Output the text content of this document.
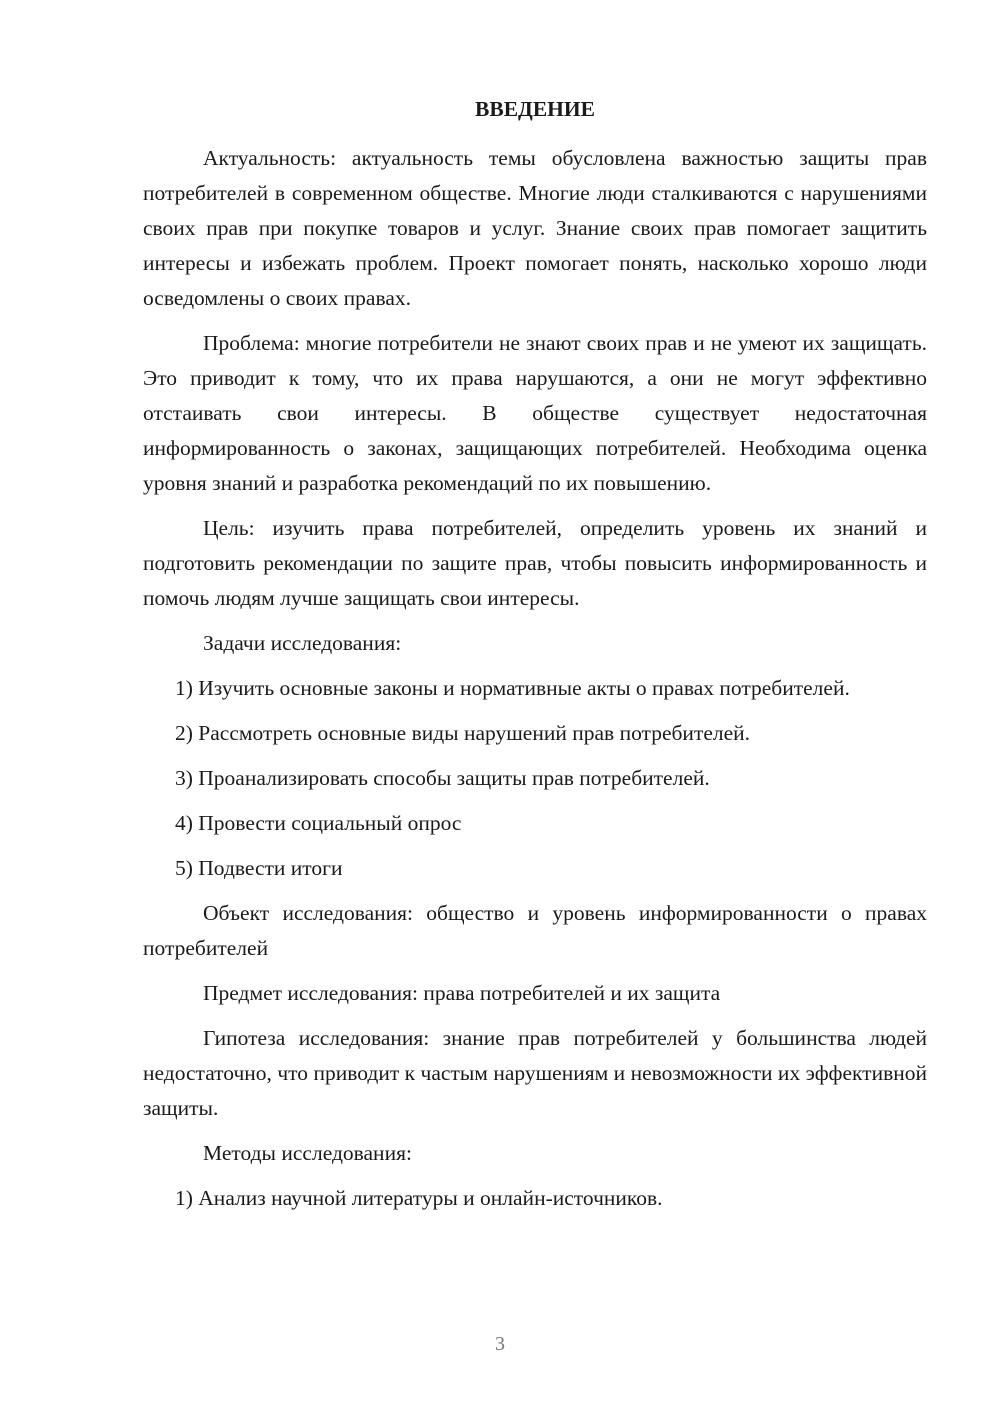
ВВЕДЕНИЕ

Актуальность: актуальность темы обусловлена важностью защиты прав потребителей в современном обществе. Многие люди сталкиваются с нарушениями своих прав при покупке товаров и услуг. Знание своих прав помогает защитить интересы и избежать проблем. Проект помогает понять, насколько хорошо люди осведомлены о своих правах.

Проблема: многие потребители не знают своих прав и не умеют их защищать. Это приводит к тому, что их права нарушаются, а они не могут эффективно отстаивать свои интересы. В обществе существует недостаточная информированность о законах, защищающих потребителей. Необходима оценка уровня знаний и разработка рекомендаций по их повышению.

Цель: изучить права потребителей, определить уровень их знаний и подготовить рекомендации по защите прав, чтобы повысить информированность и помочь людям лучше защищать свои интересы.

Задачи исследования:

1) Изучить основные законы и нормативные акты о правах потребителей.

2) Рассмотреть основные виды нарушений прав потребителей.

3) Проанализировать способы защиты прав потребителей.

4) Провести социальный опрос

5) Подвести итоги

Объект исследования: общество и уровень информированности о правах потребителей

Предмет исследования: права потребителей и их защита

Гипотеза исследования: знание прав потребителей у большинства людей недостаточно, что приводит к частым нарушениям и невозможности их эффективной защиты.

Методы исследования:

1) Анализ научной литературы и онлайн-источников.

3
